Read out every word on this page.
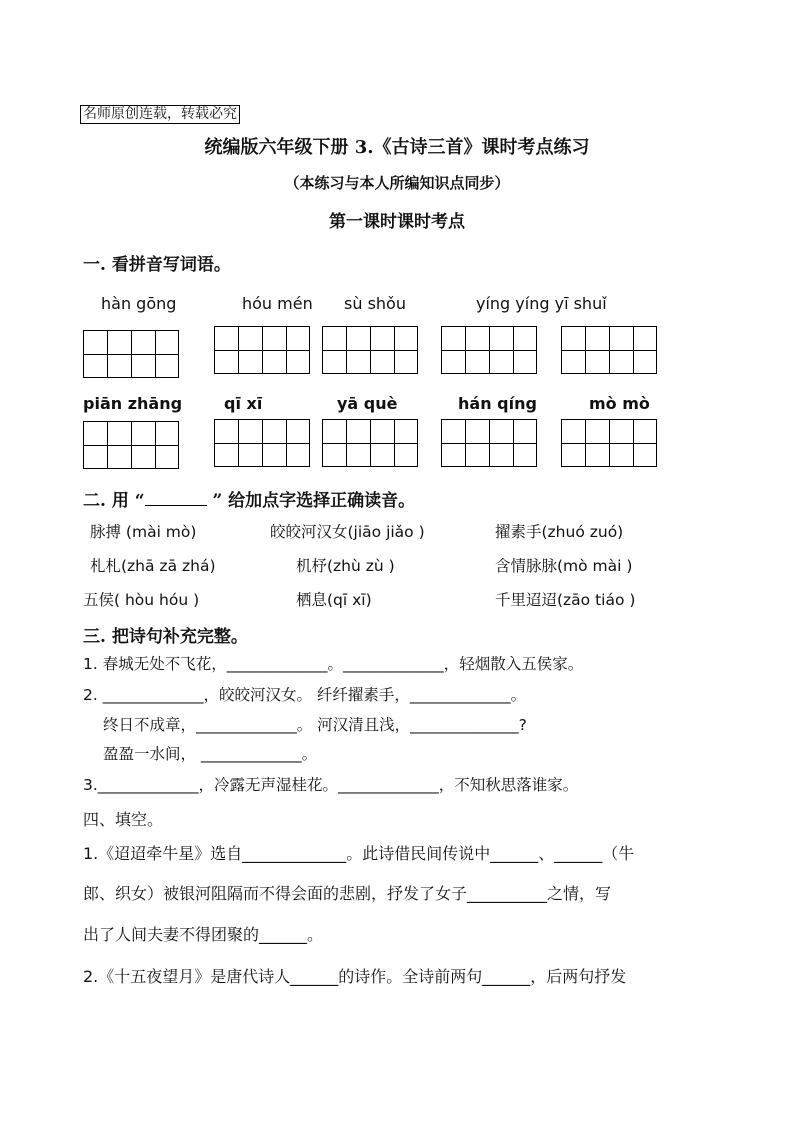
名师原创连载，转载必究
统编版六年级下册 3.《古诗三首》课时考点练习
（本练习与本人所编知识点同步）
第一课时课时考点
一. 看拼音写词语。
hàn gōng	hóu mén sù shǒu	yíng yíng yī shuǐ
piān zhāng	qī xī	yā què	hán qíng	mò mò
二. 用 “	” 给加点字选择正确读音。
脉搏 (mài mò)	皎皎河汉女(jiāo jiǎo )	擢素手(zhuó zuó)
札札(zhā zā zhá)	机杼(zhù zù )	含情脉脉(mò mài )
五侯( hòu hóu )	栖息(qī xī)	千里迢迢(zāo tiáo )
三. 把诗句补充完整。
1. 春城无处不飞花，_____________。_____________，轻烟散入五侯家。
2. _____________，皎皎河汉女。 纤纤擢素手，_____________。
终日不成章，_____________。 河汉清且浅，______________?
盈盈一水间， _____________。
3._____________，冷露无声湿桂花。_____________，不知秋思落谁家。
四、填空。
1.《迢迢牵牛星》选自_____________。此诗借民间传说中______、______（牛
郎、织女）被银河阻隔而不得会面的悲剧，抒发了女子__________之情，写
出了人间夫妻不得团聚的______。
2.《十五夜望月》是唐代诗人______的诗作。全诗前两句______，后两句抒发
